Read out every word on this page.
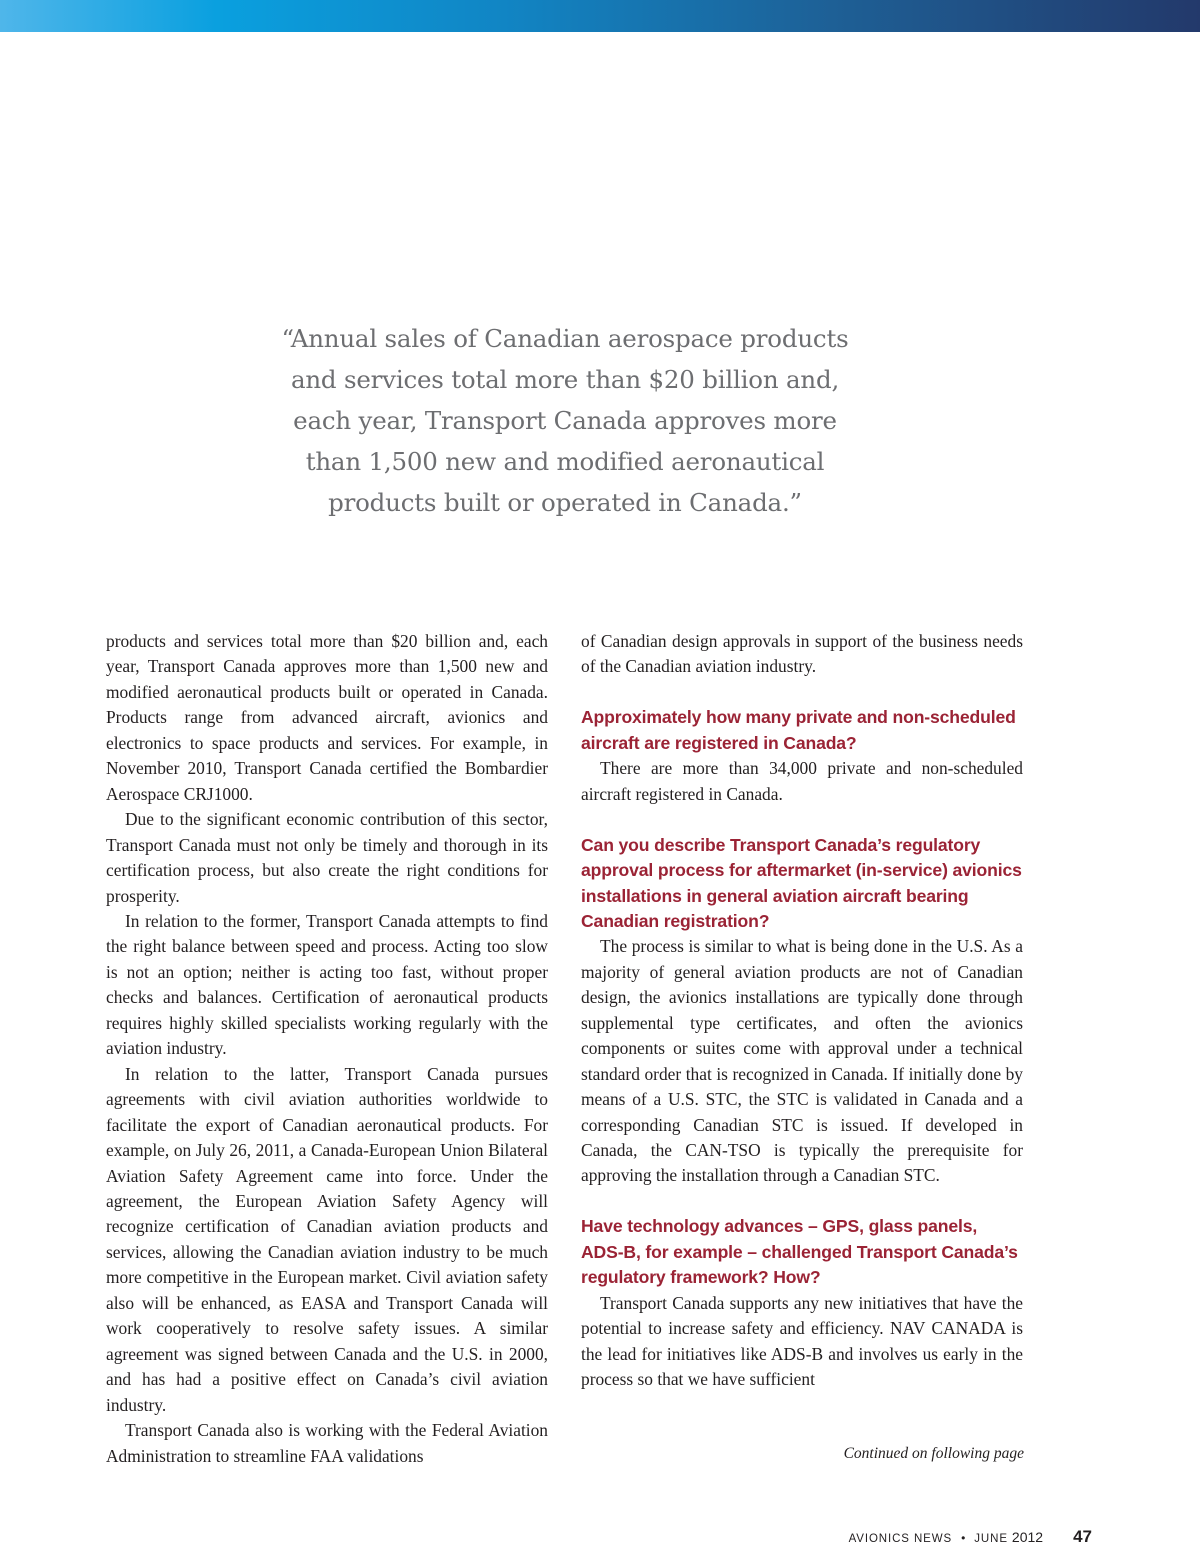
“Annual sales of Canadian aerospace products
and services total more than $20 billion and,
each year, Transport Canada approves more
than 1,500 new and modified aeronautical
products built or operated in Canada.”

products and services total more than $20 billion and, each year, Transport Canada approves more than 1,500 new and modified aeronautical products built or operated in Canada. Products range from advanced aircraft, avionics and electronics to space products and services. For example, in November 2010, Transport Canada certified the Bombardier Aerospace CRJ1000.

Due to the significant economic contribution of this sector, Transport Canada must not only be timely and thorough in its certification process, but also create the right conditions for prosperity.

In relation to the former, Transport Canada attempts to find the right balance between speed and process. Acting too slow is not an option; neither is acting too fast, without proper checks and balances. Certification of aeronautical products requires highly skilled specialists working regularly with the aviation industry.

In relation to the latter, Transport Canada pursues agreements with civil aviation authorities worldwide to facilitate the export of Canadian aeronautical products. For example, on July 26, 2011, a Canada-European Union Bilateral Aviation Safety Agreement came into force. Under the agreement, the European Aviation Safety Agency will recognize certification of Canadian aviation products and services, allowing the Canadian aviation industry to be much more competitive in the European market. Civil aviation safety also will be enhanced, as EASA and Transport Canada will work cooperatively to resolve safety issues. A similar agreement was signed between Canada and the U.S. in 2000, and has had a positive effect on Canada’s civil aviation industry.

Transport Canada also is working with the Federal Aviation Administration to streamline FAA validations

of Canadian design approvals in support of the business needs of the Canadian aviation industry.

Approximately how many private and non-scheduled aircraft are registered in Canada?

There are more than 34,000 private and non-scheduled aircraft registered in Canada.

Can you describe Transport Canada’s regulatory approval process for aftermarket (in-service) avionics installations in general aviation aircraft bearing Canadian registration?

The process is similar to what is being done in the U.S. As a majority of general aviation products are not of Canadian design, the avionics installations are typically done through supplemental type certificates, and often the avionics components or suites come with approval under a technical standard order that is recognized in Canada. If initially done by means of a U.S. STC, the STC is validated in Canada and a corresponding Canadian STC is issued. If developed in Canada, the CAN-TSO is typically the prerequisite for approving the installation through a Canadian STC.

Have technology advances – GPS, glass panels, ADS-B, for example – challenged Transport Canada’s regulatory framework? How?

Transport Canada supports any new initiatives that have the potential to increase safety and efficiency. NAV CANADA is the lead for initiatives like ADS-B and involves us early in the process so that we have sufficient

Continued on following page
AVIONICS NEWS • JUNE 2012 47
